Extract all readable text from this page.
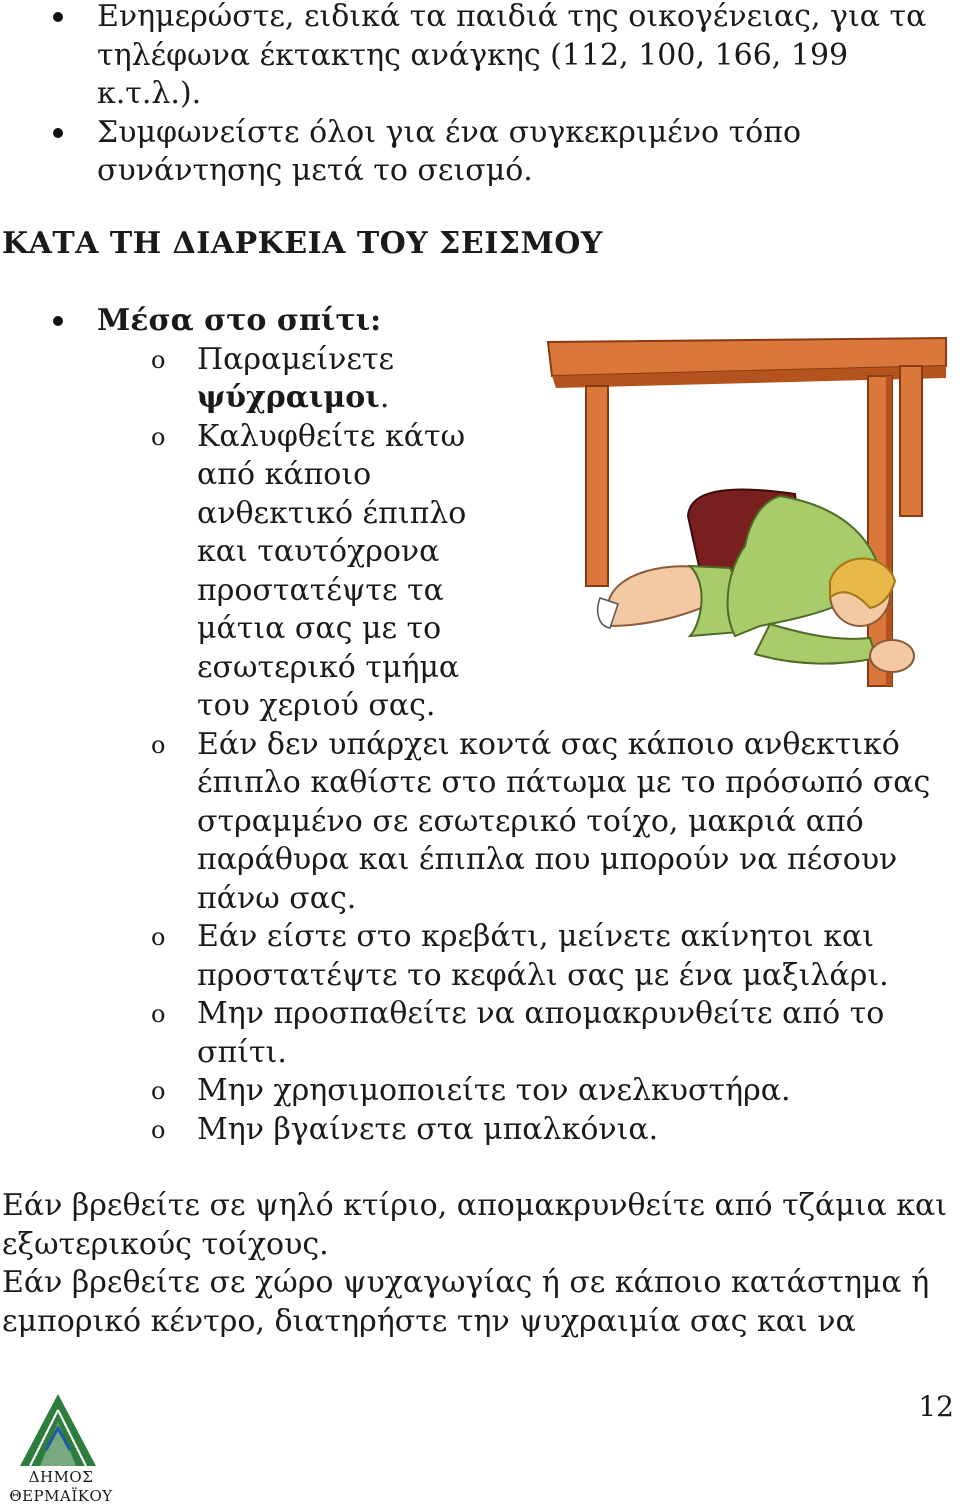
Ενημερώστε, ειδικά τα παιδιά της οικογένειας, για τα τηλέφωνα έκτακτης ανάγκης (112, 100, 166, 199 κ.τ.λ.).
Συμφωνείστε όλοι για ένα συγκεκριμένο τόπο συνάντησης μετά το σεισμό.
ΚΑΤΑ ΤΗ ΔΙΑΡΚΕΙΑ ΤΟΥ ΣΕΙΣΜΟΥ
Μέσα στο σπίτι:
o Παραμείνετε ψύχραιμοι.
o Καλυφθείτε κάτω από κάποιο ανθεκτικό έπιπλο και ταυτόχρονα προστατέψτε τα μάτια σας με το εσωτερικό τμήμα του χεριού σας.
o Εάν δεν υπάρχει κοντά σας κάποιο ανθεκτικό έπιπλο καθίστε στο πάτωμα με το πρόσωπό σας στραμμένο σε εσωτερικό τοίχο, μακριά από παράθυρα και έπιπλα που μπορούν να πέσουν πάνω σας.
o Εάν είστε στο κρεβάτι, μείνετε ακίνητοι και προστατέψτε το κεφάλι σας με ένα μαξιλάρι.
o Μην προσπαθείτε να απομακρυνθείτε από το σπίτι.
o Μην χρησιμοποιείτε τον ανελκυστήρα.
o Μην βγαίνετε στα μπαλκόνια.
Εάν βρεθείτε σε ψηλό κτίριο, απομακρυνθείτε από τζάμια και εξωτερικούς τοίχους.
Εάν βρεθείτε σε χώρο ψυχαγωγίας ή σε κάποιο κατάστημα ή εμπορικό κέντρο, διατηρήστε την ψυχραιμία σας και να
ΔΗΜΟΣ
ΘΕΡΜΑΪΚΟΥ
12
